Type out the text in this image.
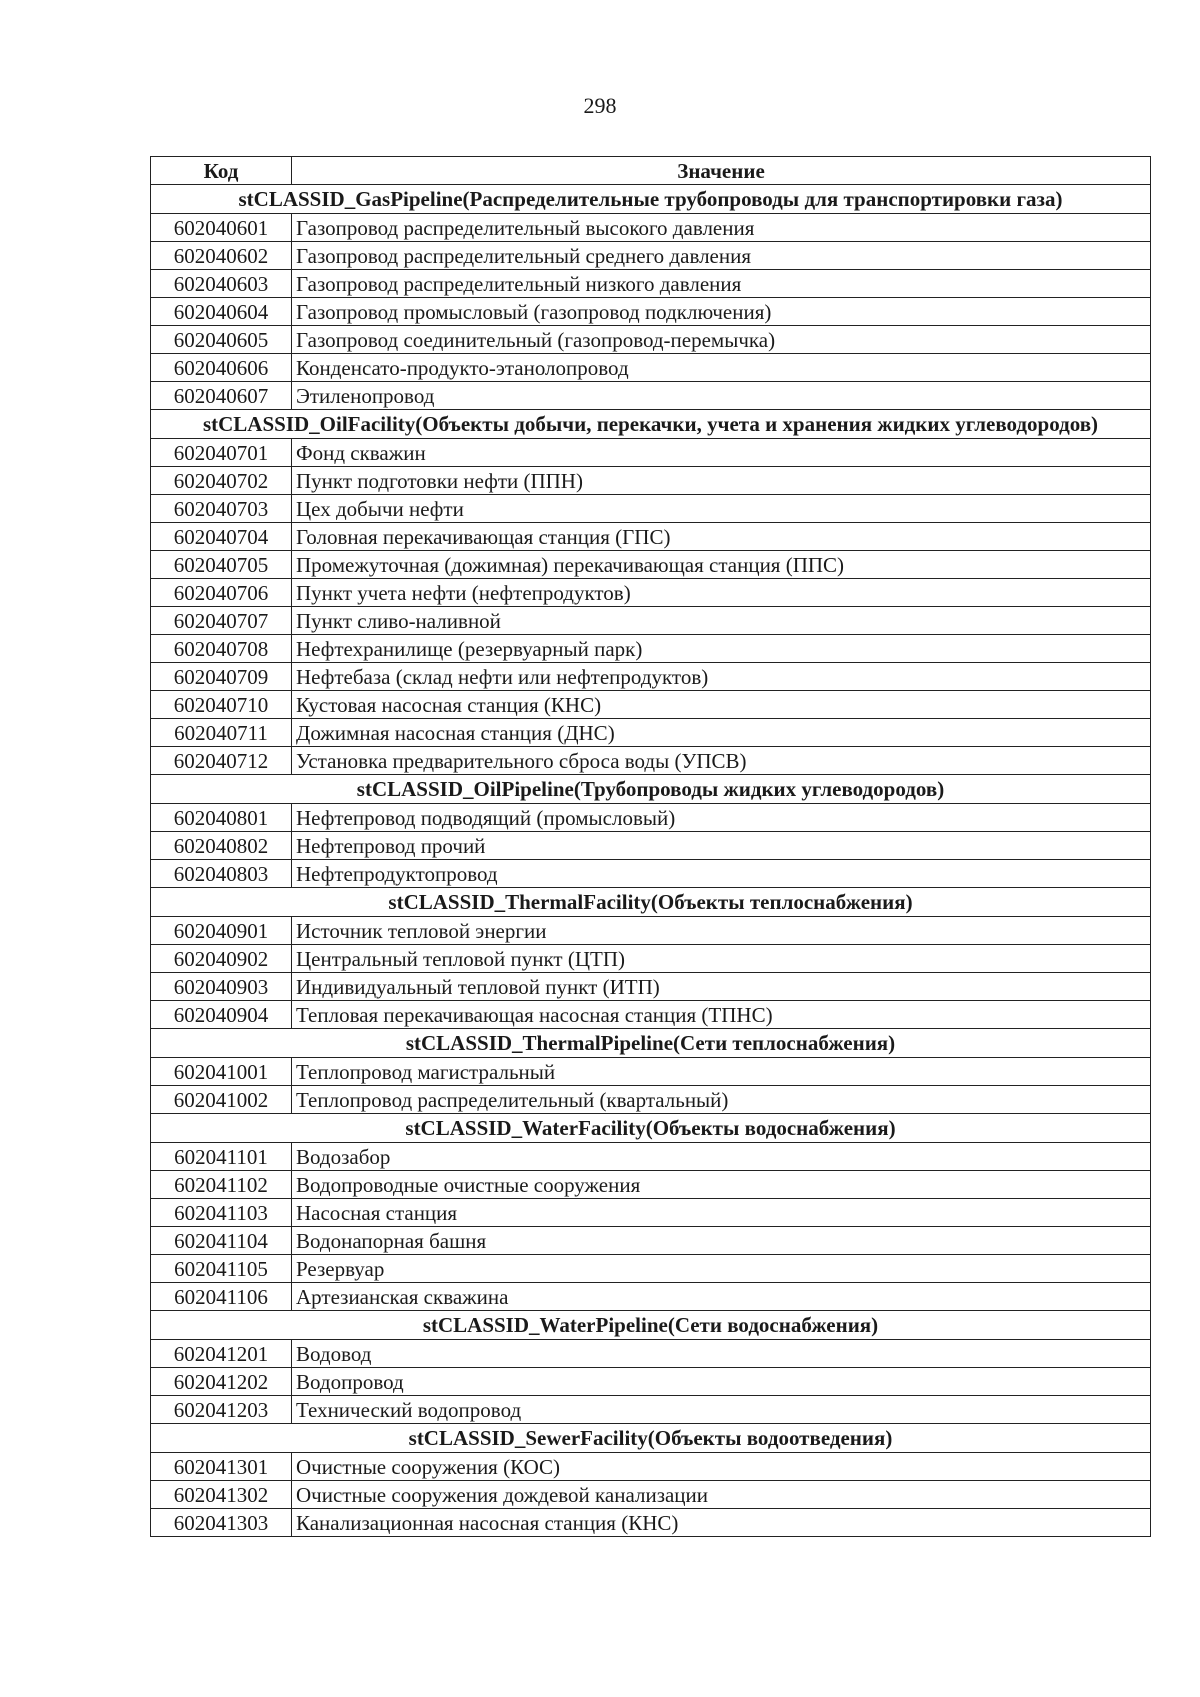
298
Код	Значение
stCLASSID_GasPipeline(Распределительные трубопроводы для транспортировки газа)	
602040601	Газопровод распределительный высокого давления
602040602	Газопровод распределительный среднего давления
602040603	Газопровод распределительный низкого давления
602040604	Газопровод промысловый (газопровод подключения)
602040605	Газопровод соединительный (газопровод-перемычка)
602040606	Конденсато-продукто-этанолопровод
602040607	Этиленопровод
stCLASSID_OilFacility(Объекты добычи, перекачки, учета и хранения жидких углеводородов)	
602040701	Фонд скважин
602040702	Пункт подготовки нефти (ППН)
602040703	Цех добычи нефти
602040704	Головная перекачивающая станция (ГПС)
602040705	Промежуточная (дожимная) перекачивающая станция (ППС)
602040706	Пункт учета нефти (нефтепродуктов)
602040707	Пункт сливо-наливной
602040708	Нефтехранилище (резервуарный парк)
602040709	Нефтебаза (склад нефти или нефтепродуктов)
602040710	Кустовая насосная станция (КНС)
602040711	Дожимная насосная станция (ДНС)
602040712	Установка предварительного сброса воды (УПСВ)
stCLASSID_OilPipeline(Трубопроводы жидких углеводородов)	
602040801	Нефтепровод подводящий (промысловый)
602040802	Нефтепровод прочий
602040803	Нефтепродуктопровод
stCLASSID_ThermalFacility(Объекты теплоснабжения)	
602040901	Источник тепловой энергии
602040902	Центральный тепловой пункт (ЦТП)
602040903	Индивидуальный тепловой пункт (ИТП)
602040904	Тепловая перекачивающая насосная станция (ТПНС)
stCLASSID_ThermalPipeline(Сети теплоснабжения)	
602041001	Теплопровод магистральный
602041002	Теплопровод распределительный (квартальный)
stCLASSID_WaterFacility(Объекты водоснабжения)	
602041101	Водозабор
602041102	Водопроводные очистные сооружения
602041103	Насосная станция
602041104	Водонапорная башня
602041105	Резервуар
602041106	Артезианская скважина
stCLASSID_WaterPipeline(Сети водоснабжения)	
602041201	Водовод
602041202	Водопровод
602041203	Технический водопровод
stCLASSID_SewerFacility(Объекты водоотведения)	
602041301	Очистные сооружения (КОС)
602041302	Очистные сооружения дождевой канализации
602041303	Канализационная насосная станция (КНС)
